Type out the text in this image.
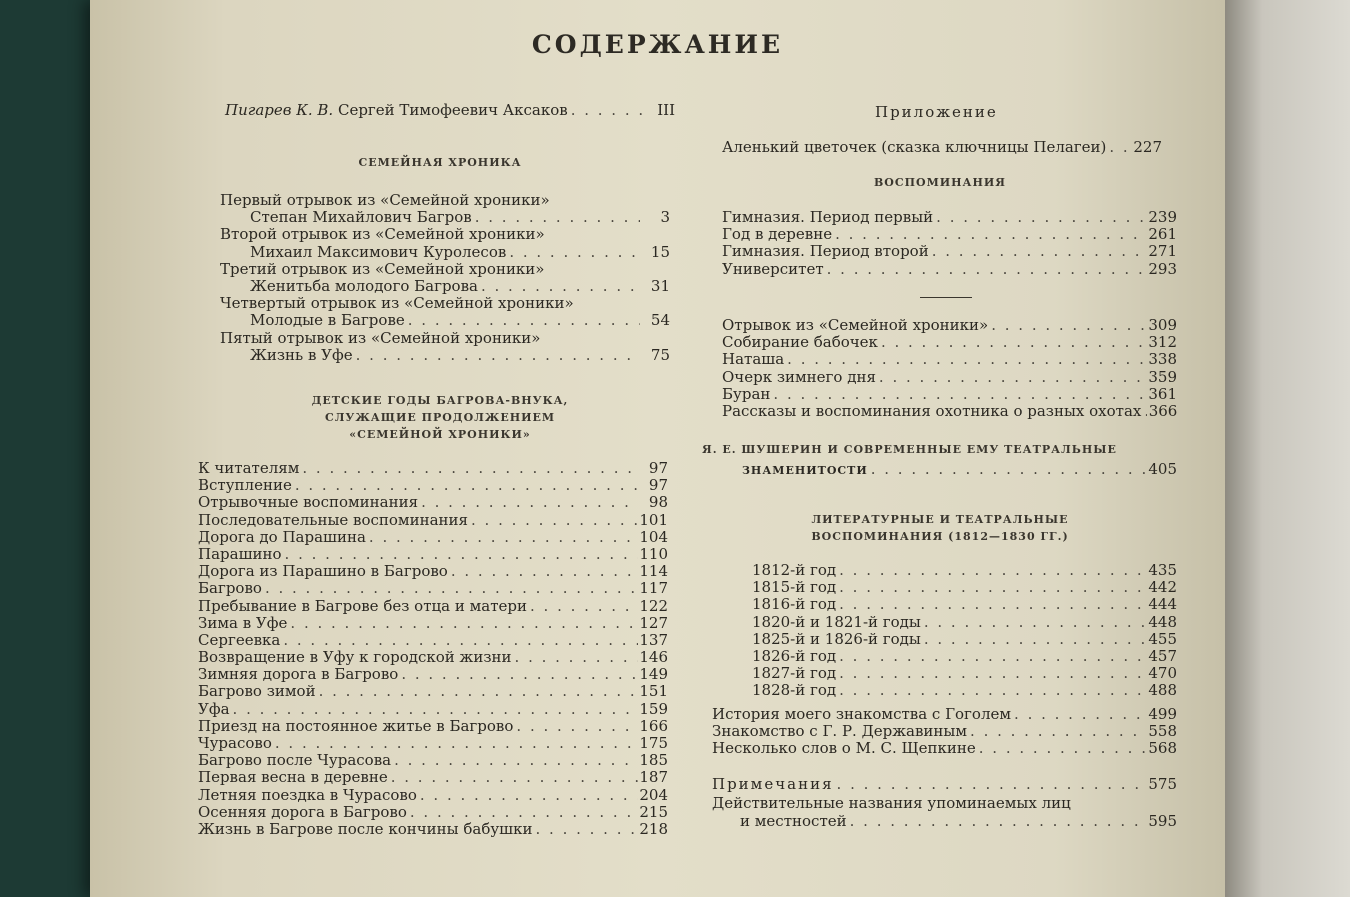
СОДЕРЖАНИЕ
Пигарев К. В. Сергей Тимофеевич Аксаков . . .	III
СЕМЕЙНАЯ ХРОНИКА
Первый отрывок из «Семейной хроники»
Степан Михайлович Багров . . .	3
Второй отрывок из «Семейной хроники»
Михаил Максимович Куролесов . . .	15
Третий отрывок из «Семейной хроники»
Женитьба молодого Багрова . . .	31
Четвертый отрывок из «Семейной хроники»
Молодые в Багрове . . .	54
Пятый отрывок из «Семейной хроники»
Жизнь в Уфе . . .	75
ДЕТСКИЕ ГОДЫ БАГРОВА-ВНУКА,
СЛУЖАЩИЕ ПРОДОЛЖЕНИЕМ
«СЕМЕЙНОЙ ХРОНИКИ»
К читателям . . .	97
Вступление . . .	97
Отрывочные воспоминания . . .	98
Последовательные воспоминания . . .	101
Дорога до Парашина . . .	104
Парашино . . .	110
Дорога из Парашино в Багрово . . .	114
Багрово . . .	117
Пребывание в Багрове без отца и матери . . .	122
Зима в Уфе . . .	127
Сергеевка . . .	137
Возвращение в Уфу к городской жизни . . .	146
Зимняя дорога в Багрово . . .	149
Багрово зимой . . .	151
Уфа . . .	159
Приезд на постоянное житье в Багрово . . .	166
Чурасово . . .	175
Багрово после Чурасова . . .	185
Первая весна в деревне . . .	187
Летняя поездка в Чурасово . . .	204
Осенняя дорога в Багрово . . .	215
Жизнь в Багрове после кончины бабушки . . .	218
Приложение
Аленький цветочек (сказка ключницы Пелагеи) . . . 227
ВОСПОМИНАНИЯ
Гимназия. Период первый . . .	239
Год в деревне . . .	261
Гимназия. Период второй . . .	271
Университет . . .	293
Отрывок из «Семейной хроники» . . .	309
Собирание бабочек . . .	312
Наташа . . .	338
Очерк зимнего дня . . .	359
Буран . . .	361
Рассказы и воспоминания охотника о разных охотах . . . 366
Я. Е. ШУШЕРИН И СОВРЕМЕННЫЕ ЕМУ ТЕАТРАЛЬНЫЕ
ЗНАМЕНИТОСТИ . . .	405
ЛИТЕРАТУРНЫЕ И ТЕАТРАЛЬНЫЕ
ВОСПОМИНАНИЯ (1812—1830 ГГ.)
1812-й год . . .	435
1815-й год . . .	442
1816-й год . . .	444
1820-й и 1821-й годы . . .	448
1825-й и 1826-й годы . . .	455
1826-й год . . .	457
1827-й год . . .	470
1828-й год . . .	488
История моего знакомства с Гоголем . . .	499
Знакомство с Г. Р. Державиным . . .	558
Несколько слов о М. С. Щепкине . . .	568
Примечания . . .	575
Действительные названия упоминаемых лиц
и местностей . . .	595
